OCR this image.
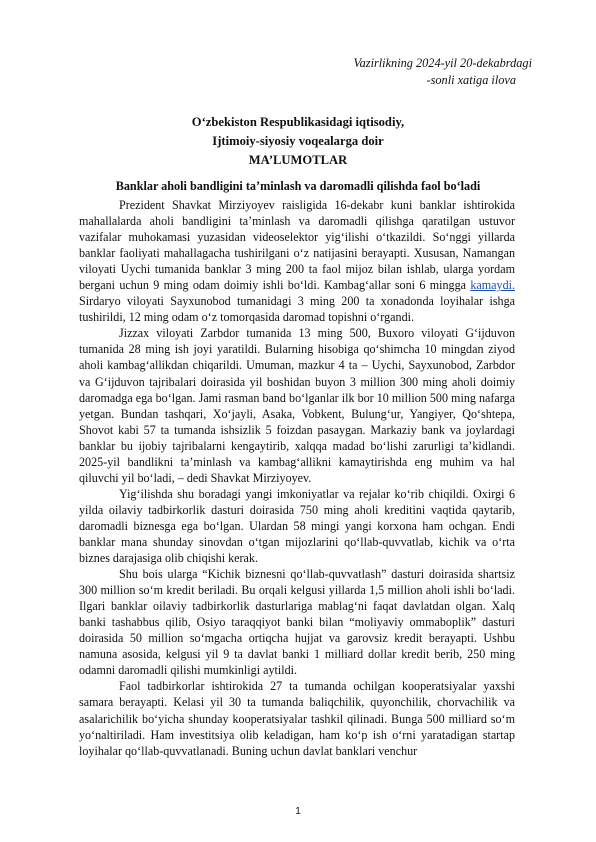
Vazirlikning 2024-yil 20-dekabrdagi
-sonli xatiga ilova
O‘zbekiston Respublikasidagi iqtisodiy,
Ijtimoiy-siyosiy voqealarga doir
MA’LUMOTLAR
Banklar aholi bandligini ta’minlash va daromadli qilishda faol bo‘ladi

Prezident Shavkat Mirziyoyev raisligida 16-dekabr kuni banklar ishtirokida mahallalarda aholi bandligini ta’minlash va daromadli qilishga qaratilgan ustuvor vazifalar muhokamasi yuzasidan videoselektor yig‘ilishi o‘tkazildi. So‘nggi yillarda banklar faoliyati mahallagacha tushirilgani o‘z natijasini berayapti. Xususan, Namangan viloyati Uychi tumanida banklar 3 ming 200 ta faol mijoz bilan ishlab, ularga yordam bergani uchun 9 ming odam doimiy ishli bo‘ldi. Kambag‘allar soni 6 mingga kamaydi. Sirdaryo viloyati Sayxunobod tumanidagi 3 ming 200 ta xonadonda loyihalar ishga tushirildi, 12 ming odam o‘z tomorqasida daromad topishni o‘rgandi.

Jizzax viloyati Zarbdor tumanida 13 ming 500, Buxoro viloyati G‘ijduvon tumanida 28 ming ish joyi yaratildi. Bularning hisobiga qo‘shimcha 10 mingdan ziyod aholi kambag‘allikdan chiqarildi. Umuman, mazkur 4 ta – Uychi, Sayxunobod, Zarbdor va G‘ijduvon tajribalari doirasida yil boshidan buyon 3 million 300 ming aholi doimiy daromadga ega bo‘lgan. Jami rasman band bo‘lganlar ilk bor 10 million 500 ming nafarga yetgan. Bundan tashqari, Xo‘jayli, Asaka, Vobkent, Bulung‘ur, Yangiyer, Qo‘shtepa, Shovot kabi 57 ta tumanda ishsizlik 5 foizdan pasaygan. Markaziy bank va joylardagi banklar bu ijobiy tajribalarni kengaytirib, xalqqa madad bo‘lishi zarurligi ta’kidlandi. 2025-yil bandlikni ta’minlash va kambag‘allikni kamaytirishda eng muhim va hal qiluvchi yil bo‘ladi, – dedi Shavkat Mirziyoyev.

Yig‘ilishda shu boradagi yangi imkoniyatlar va rejalar ko‘rib chiqildi. Oxirgi 6 yilda oilaviy tadbirkorlik dasturi doirasida 750 ming aholi kreditini vaqtida qaytarib, daromadli biznesga ega bo‘lgan. Ulardan 58 mingi yangi korxona ham ochgan. Endi banklar mana shunday sinovdan o‘tgan mijozlarini qo‘llab-quvvatlab, kichik va o‘rta biznes darajasiga olib chiqishi kerak.

Shu bois ularga “Kichik biznesni qo‘llab-quvvatlash” dasturi doirasida shartsiz 300 million so‘m kredit beriladi. Bu orqali kelgusi yillarda 1,5 million aholi ishli bo‘ladi. Ilgari banklar oilaviy tadbirkorlik dasturlariga mablag‘ni faqat davlatdan olgan. Xalq banki tashabbus qilib, Osiyo taraqqiyot banki bilan “moliyaviy ommaboplik” dasturi doirasida 50 million so‘mgacha ortiqcha hujjat va garovsiz kredit berayapti. Ushbu namuna asosida, kelgusi yil 9 ta davlat banki 1 milliard dollar kredit berib, 250 ming odamni daromadli qilishi mumkinligi aytildi.

Faol tadbirkorlar ishtirokida 27 ta tumanda ochilgan kooperatsiyalar yaxshi samara berayapti. Kelasi yil 30 ta tumanda baliqchilik, quyonchilik, chorvachilik va asalarichilik bo‘yicha shunday kooperatsiyalar tashkil qilinadi. Bunga 500 milliard so‘m yo‘naltiriladi. Ham investitsiya olib keladigan, ham ko‘p ish o‘rni yaratadigan startap loyihalar qo‘llab-quvvatlanadi. Buning uchun davlat banklari venchur

1
